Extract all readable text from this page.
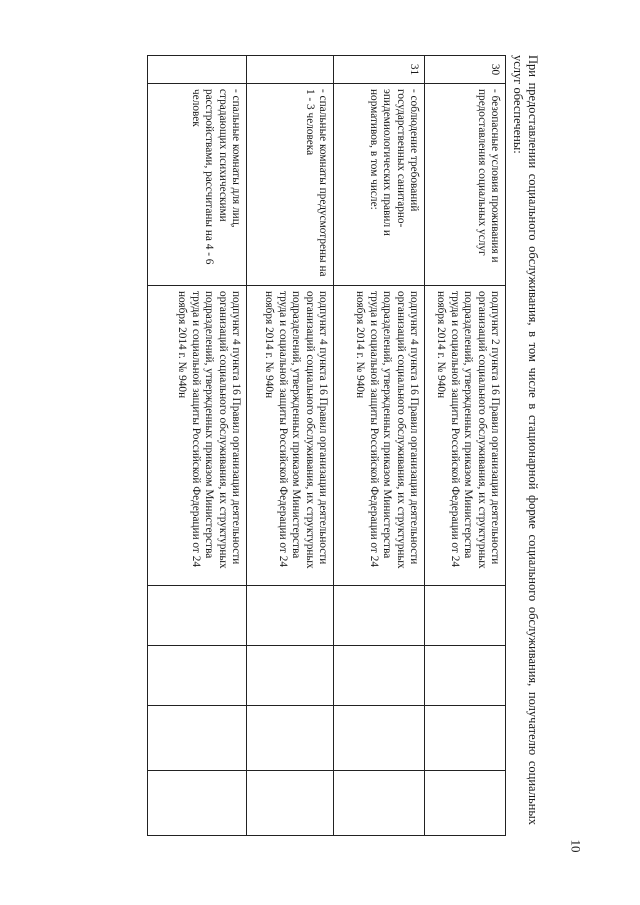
При предоставлении социального обслуживания, в том числе в стационарной форме социального обслуживания, получателю социальных услуг обеспечены:
30	- безопасные условия проживания и предоставления социальных услуг	подпункт 2 пункта 16 Правил организации деятельности организаций социального обслуживания, их структурных подразделений, утвержденных приказом Министерства труда и социальной защиты Российской Федерации от 24 ноября 2014 г. № 940н				
31	- соблюдение требований государственных санитарно-эпидемиологических правил и нормативов, в том числе:	подпункт 4 пункта 16 Правил организации деятельности организаций социального обслуживания, их структурных подразделений, утвержденных приказом Министерства труда и социальной защиты Российской Федерации от 24 ноября 2014 г. № 940н				
	- спальные комнаты предусмотрены на 1 - 3 человека	подпункт 4 пункта 16 Правил организации деятельности организаций социального обслуживания, их структурных подразделений, утвержденных приказом Министерства труда и социальной защиты Российской Федерации от 24 ноября 2014 г. № 940н				
	- спальные комнаты для лиц, страдающих психическими расстройствами, рассчитаны на 4 - 6 человек	подпункт 4 пункта 16 Правил организации деятельности организаций социального обслуживания, их структурных подразделений, утвержденных приказом Министерства труда и социальной защиты Российской Федерации от 24 ноября 2014 г. № 940н				
10
